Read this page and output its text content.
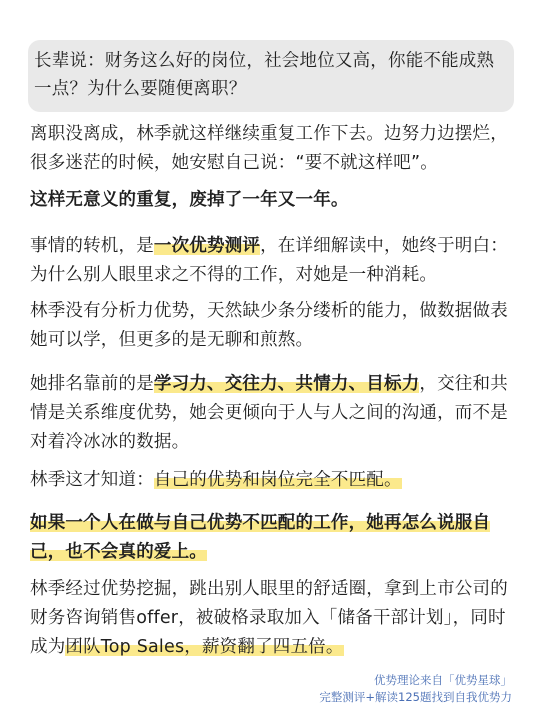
长辈说：财务这么好的岗位，社会地位又高，你能不能成熟一点？为什么要随便离职？

离职没离成，林季就这样继续重复工作下去。边努力边摆烂，很多迷茫的时候，她安慰自己说：“要不就这样吧”。

这样无意义的重复，废掉了一年又一年。

事情的转机，是一次优势测评，在详细解读中，她终于明白：为什么别人眼里求之不得的工作，对她是一种消耗。

林季没有分析力优势，天然缺少条分缕析的能力，做数据做表她可以学，但更多的是无聊和煎熬。

她排名靠前的是学习力、交往力、共情力、目标力，交往和共情是关系维度优势，她会更倾向于人与人之间的沟通，而不是对着冷冰冰的数据。

林季这才知道：自己的优势和岗位完全不匹配。

如果一个人在做与自己优势不匹配的工作，她再怎么说服自己，也不会真的爱上。

林季经过优势挖掘，跳出别人眼里的舒适圈，拿到上市公司的财务咨询销售offer，被破格录取加入「储备干部计划」，同时成为团队Top Sales，薪资翻了四五倍。

优势理论来自「优势星球」
完整测评+解读125题找到自我优势力
